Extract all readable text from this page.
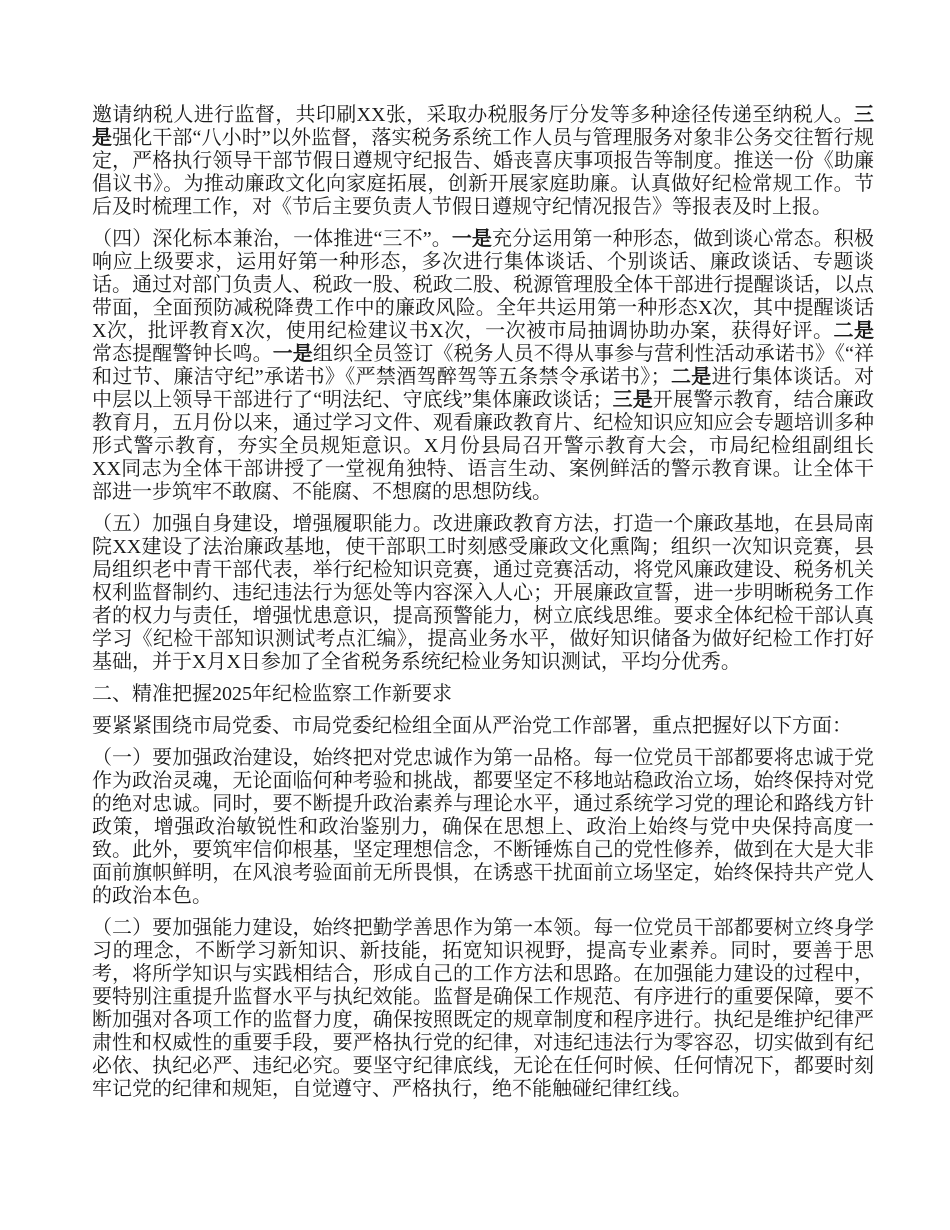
邀请纳税人进行监督，共印刷XX张，采取办税服务厅分发等多种途径传递至纳税人。三是强化干部“八小时”以外监督，落实税务系统工作人员与管理服务对象非公务交往暂行规定，严格执行领导干部节假日遵规守纪报告、婚丧喜庆事项报告等制度。推送一份《助廉倡议书》。为推动廉政文化向家庭拓展，创新开展家庭助廉。认真做好纪检常规工作。节后及时梳理工作，对《节后主要负责人节假日遵规守纪情况报告》等报表及时上报。

（四）深化标本兼治，一体推进“三不”。一是充分运用第一种形态，做到谈心常态。积极响应上级要求，运用好第一种形态，多次进行集体谈话、个别谈话、廉政谈话、专题谈话。通过对部门负责人、税政一股、税政二股、税源管理股全体干部进行提醒谈话，以点带面，全面预防减税降费工作中的廉政风险。全年共运用第一种形态X次，其中提醒谈话X次，批评教育X次，使用纪检建议书X次，一次被市局抽调协助办案，获得好评。二是常态提醒警钟长鸣。一是组织全员签订《税务人员不得从事参与营利性活动承诺书》《“祥和过节、廉洁守纪”承诺书》《严禁酒驾醉驾等五条禁令承诺书》；二是进行集体谈话。对中层以上领导干部进行了“明法纪、守底线”集体廉政谈话；三是开展警示教育，结合廉政教育月，五月份以来，通过学习文件、观看廉政教育片、纪检知识应知应会专题培训多种形式警示教育，夯实全员规矩意识。X月份县局召开警示教育大会，市局纪检组副组长XX同志为全体干部讲授了一堂视角独特、语言生动、案例鲜活的警示教育课。让全体干部进一步筑牢不敢腐、不能腐、不想腐的思想防线。

（五）加强自身建设，增强履职能力。改进廉政教育方法，打造一个廉政基地，在县局南院XX建设了法治廉政基地，使干部职工时刻感受廉政文化熏陶；组织一次知识竞赛，县局组织老中青干部代表，举行纪检知识竞赛，通过竞赛活动，将党风廉政建设、税务机关权利监督制约、违纪违法行为惩处等内容深入人心；开展廉政宣誓，进一步明晰税务工作者的权力与责任，增强忧患意识，提高预警能力，树立底线思维。要求全体纪检干部认真学习《纪检干部知识测试考点汇编》，提高业务水平，做好知识储备为做好纪检工作打好基础，并于X月X日参加了全省税务系统纪检业务知识测试，平均分优秀。

二、精准把握2025年纪检监察工作新要求

要紧紧围绕市局党委、市局党委纪检组全面从严治党工作部署，重点把握好以下方面：

（一）要加强政治建设，始终把对党忠诚作为第一品格。每一位党员干部都要将忠诚于党作为政治灵魂，无论面临何种考验和挑战，都要坚定不移地站稳政治立场，始终保持对党的绝对忠诚。同时，要不断提升政治素养与理论水平，通过系统学习党的理论和路线方针政策，增强政治敏锐性和政治鉴别力，确保在思想上、政治上始终与党中央保持高度一致。此外，要筑牢信仰根基，坚定理想信念，不断锤炼自己的党性修养，做到在大是大非面前旗帜鲜明，在风浪考验面前无所畏惧，在诱惑干扰面前立场坚定，始终保持共产党人的政治本色。

（二）要加强能力建设，始终把勤学善思作为第一本领。每一位党员干部都要树立终身学习的理念，不断学习新知识、新技能，拓宽知识视野，提高专业素养。同时，要善于思考，将所学知识与实践相结合，形成自己的工作方法和思路。在加强能力建设的过程中，要特别注重提升监督水平与执纪效能。监督是确保工作规范、有序进行的重要保障，要不断加强对各项工作的监督力度，确保按照既定的规章制度和程序进行。执纪是维护纪律严肃性和权威性的重要手段，要严格执行党的纪律，对违纪违法行为零容忍，切实做到有纪必依、执纪必严、违纪必究。要坚守纪律底线，无论在任何时候、任何情况下，都要时刻牢记党的纪律和规矩，自觉遵守、严格执行，绝不能触碰纪律红线。
